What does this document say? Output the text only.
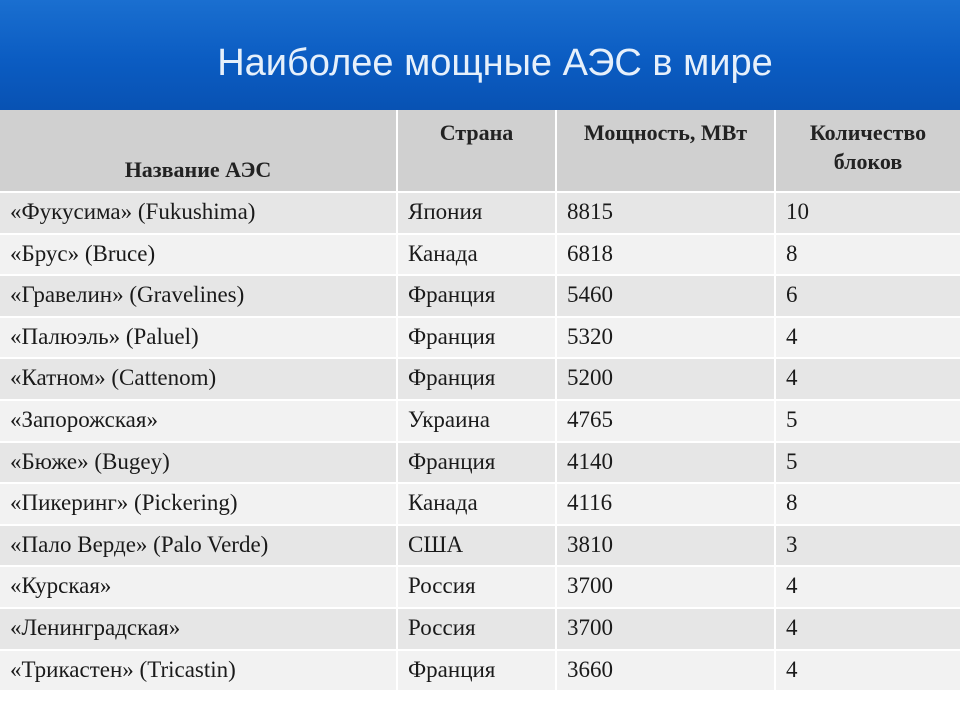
Наиболее мощные АЭС в мире
Название АЭС	Страна	Мощность, МВт	Количество блоков

«Фукусима» (Fukushima)	Япония	8815	10
«Брус» (Bruce)	Канада	6818	8
«Гравелин» (Gravelines)	Франция	5460	6
«Палюэль» (Paluel)	Франция	5320	4
«Катном» (Cattenom)	Франция	5200	4
«Запорожская»	Украина	4765	5
«Бюже» (Bugey)	Франция	4140	5
«Пикеринг» (Pickering)	Канада	4116	8
«Пало Верде» (Palo Verde)	США	3810	3
«Курская»	Россия	3700	4
«Ленинградская»	Россия	3700	4
«Трикастен» (Tricastin)	Франция	3660	4
